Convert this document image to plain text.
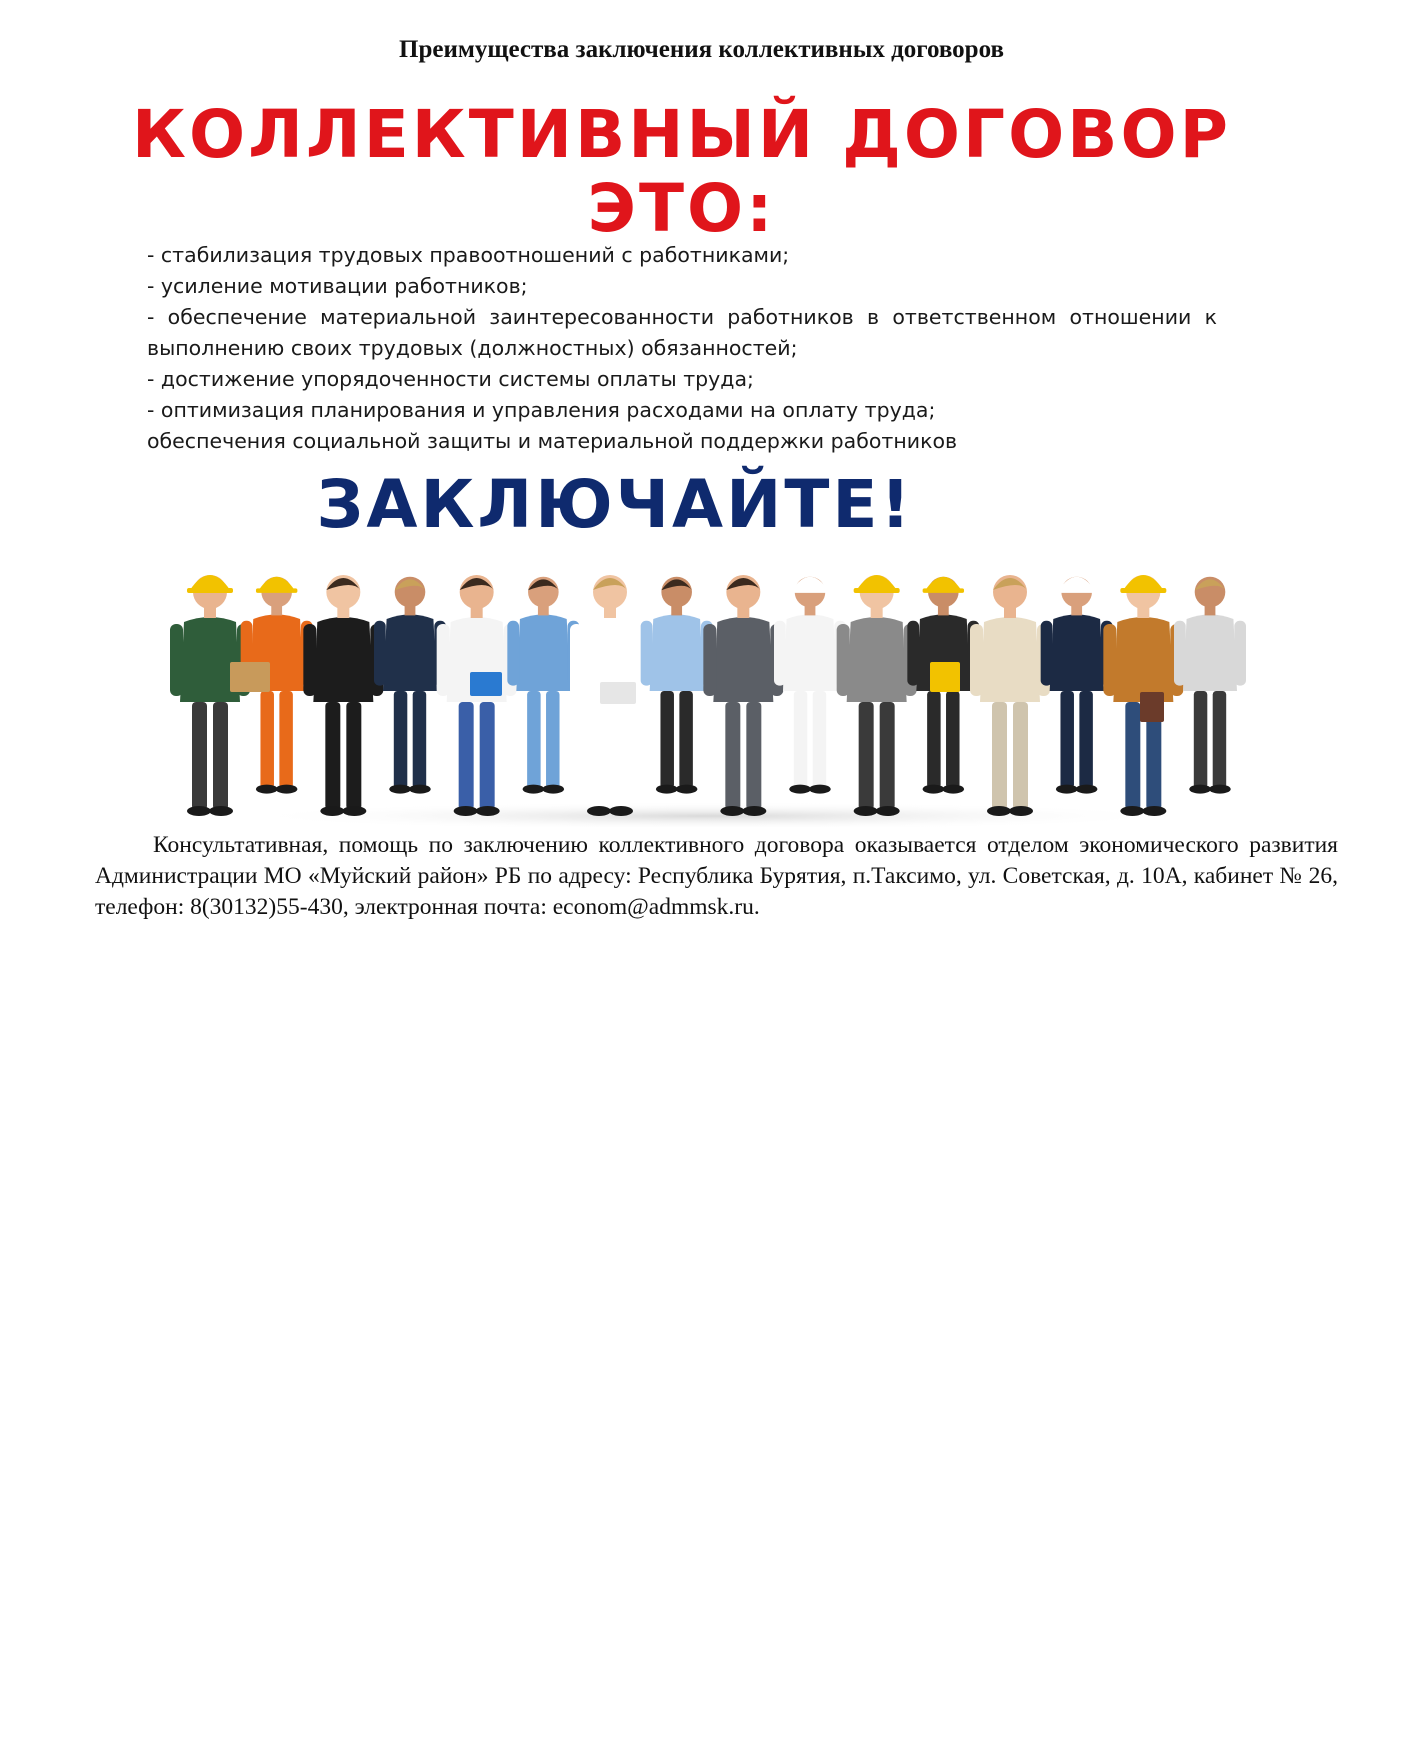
Преимущества заключения коллективных договоров
КОЛЛЕКТИВНЫЙ ДОГОВОР
ЭТО:
- стабилизация трудовых правоотношений с работниками;
- усиление мотивации работников;
- обеспечение материальной заинтересованности работников в ответственном отношении к выполнению своих трудовых (должностных) обязанностей;
- достижение упорядоченности системы оплаты труда;
- оптимизация планирования и управления расходами на оплату труда;
обеспечения социальной защиты и материальной поддержки работников
ЗАКЛЮЧАЙТЕ!

Консультативная, помощь по заключению коллективного договора оказывается отделом экономического развития Администрации МО «Муйский район» РБ по адресу: Республика Бурятия, п.Таксимо, ул. Советская, д. 10А, кабинет № 26, телефон: 8(30132)55-430, электронная почта: econom@admmsk.ru.
